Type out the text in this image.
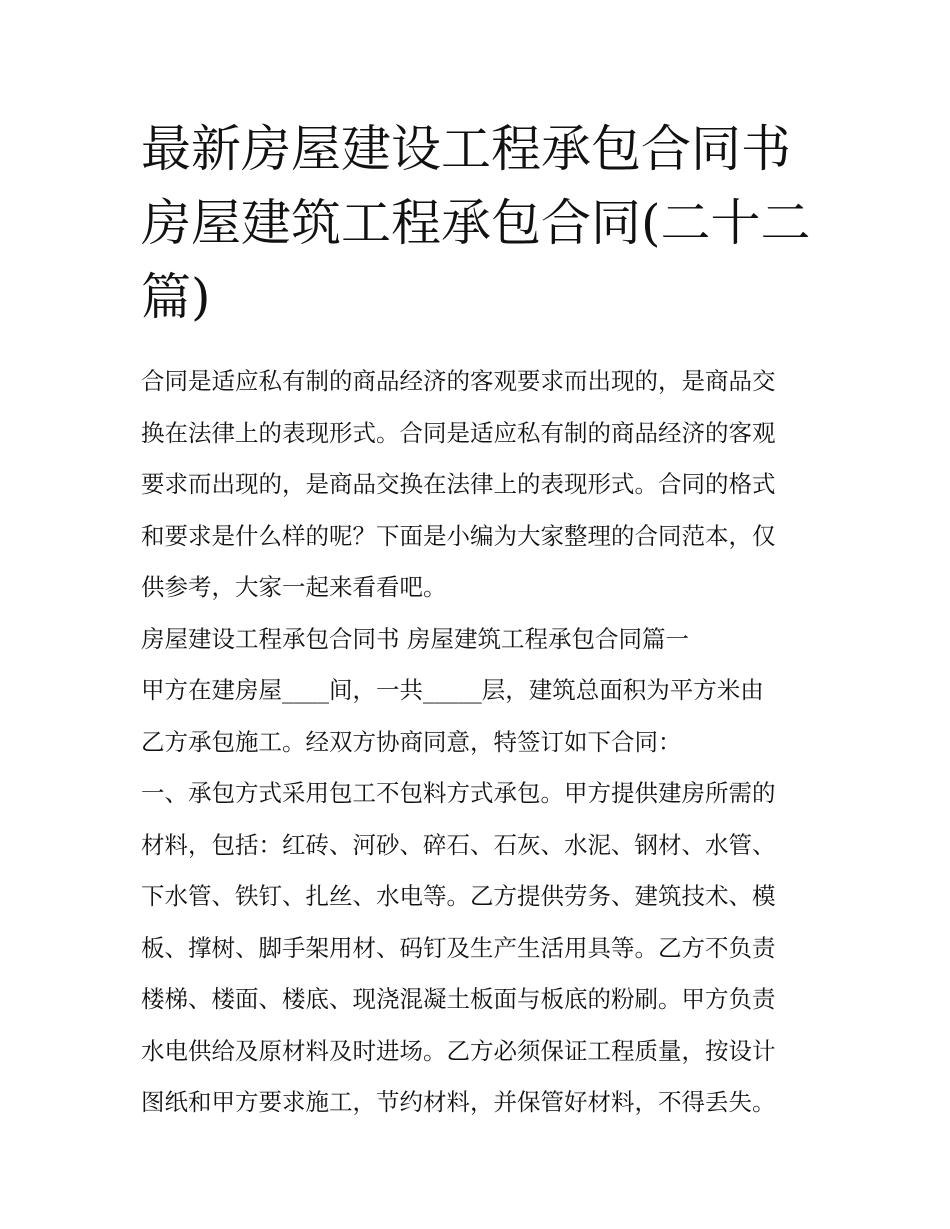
最新房屋建设工程承包合同书
房屋建筑工程承包合同(二十二
篇)
合同是适应私有制的商品经济的客观要求而出现的，是商品交
换在法律上的表现形式。合同是适应私有制的商品经济的客观
要求而出现的，是商品交换在法律上的表现形式。合同的格式
和要求是什么样的呢？下面是小编为大家整理的合同范本，仅
供参考，大家一起来看看吧。
房屋建设工程承包合同书 房屋建筑工程承包合同篇一
甲方在建房屋____间，一共_____层，建筑总面积为平方米由
乙方承包施工。经双方协商同意，特签订如下合同：
一、承包方式采用包工不包料方式承包。甲方提供建房所需的
材料，包括：红砖、河砂、碎石、石灰、水泥、钢材、水管、
下水管、铁钉、扎丝、水电等。乙方提供劳务、建筑技术、模
板、撑树、脚手架用材、码钉及生产生活用具等。乙方不负责
楼梯、楼面、楼底、现浇混凝土板面与板底的粉刷。甲方负责
水电供给及原材料及时进场。乙方必须保证工程质量，按设计
图纸和甲方要求施工，节约材料，并保管好材料，不得丢失。
